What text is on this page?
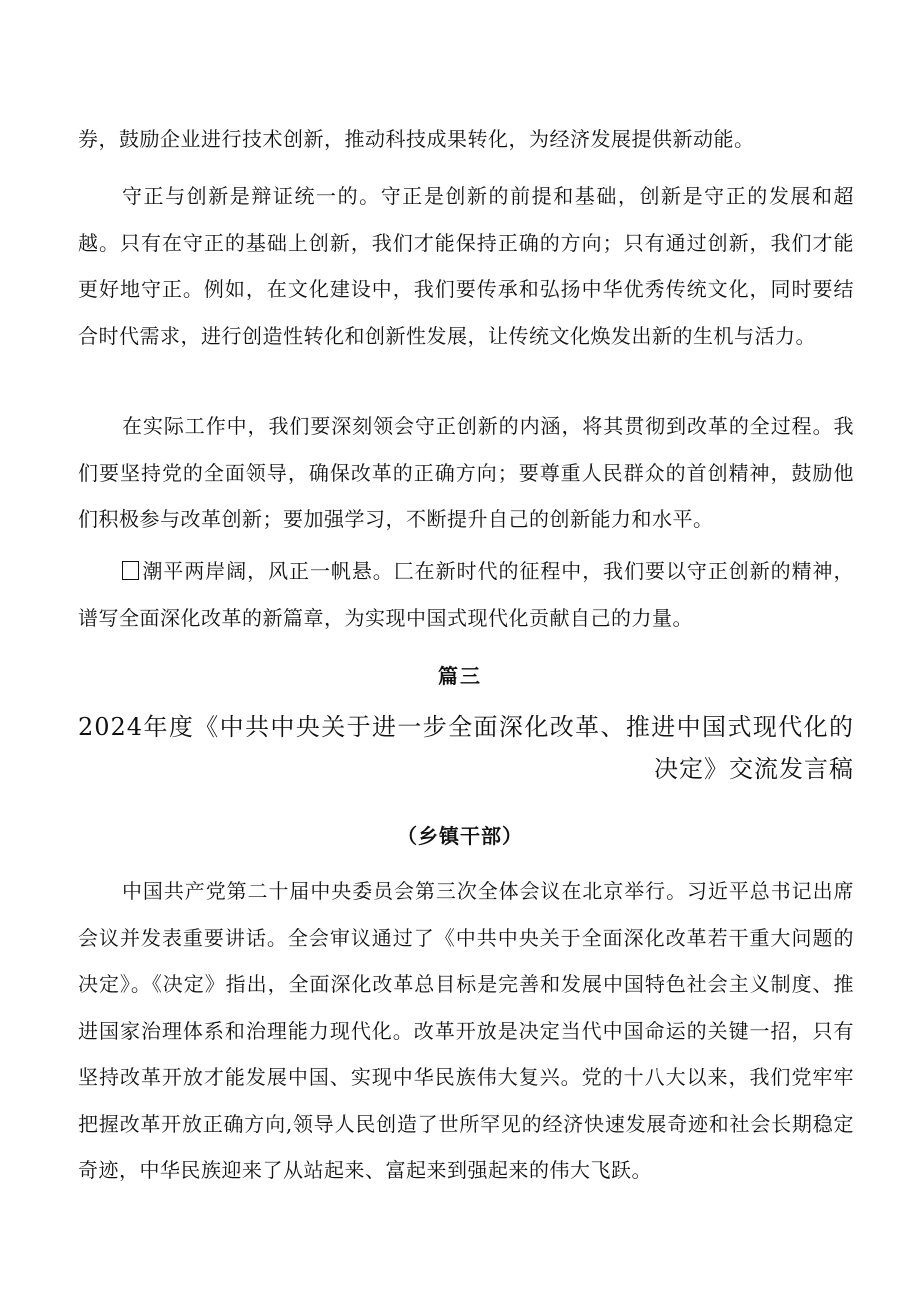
券，鼓励企业进行技术创新，推动科技成果转化，为经济发展提供新动能。

守正与创新是辩证统一的。守正是创新的前提和基础，创新是守正的发展和超越。只有在守正的基础上创新，我们才能保持正确的方向；只有通过创新，我们才能更好地守正。例如，在文化建设中，我们要传承和弘扬中华优秀传统文化，同时要结合时代需求，进行创造性转化和创新性发展，让传统文化焕发出新的生机与活力。

在实际工作中，我们要深刻领会守正创新的内涵，将其贯彻到改革的全过程。我们要坚持党的全面领导，确保改革的正确方向；要尊重人民群众的首创精神，鼓励他们积极参与改革创新；要加强学习，不断提升自己的创新能力和水平。

潮平两岸阔，风正一帆悬。匚在新时代的征程中，我们要以守正创新的精神，谱写全面深化改革的新篇章，为实现中国式现代化贡献自己的力量。

篇三
2024年度《中共中央关于进一步全面深化改革、推进中国式现代化的决定》交流发言稿
（乡镇干部）

中国共产党第二十届中央委员会第三次全体会议在北京举行。习近平总书记出席会议并发表重要讲话。全会审议通过了《中共中央关于全面深化改革若干重大问题的决定》。《决定》指出，全面深化改革总目标是完善和发展中国特色社会主义制度、推进国家治理体系和治理能力现代化。改革开放是决定当代中国命运的关键一招，只有坚持改革开放才能发展中国、实现中华民族伟大复兴。党的十八大以来，我们党牢牢把握改革开放正确方向,领导人民创造了世所罕见的经济快速发展奇迹和社会长期稳定奇迹，中华民族迎来了从站起来、富起来到强起来的伟大飞跃。
